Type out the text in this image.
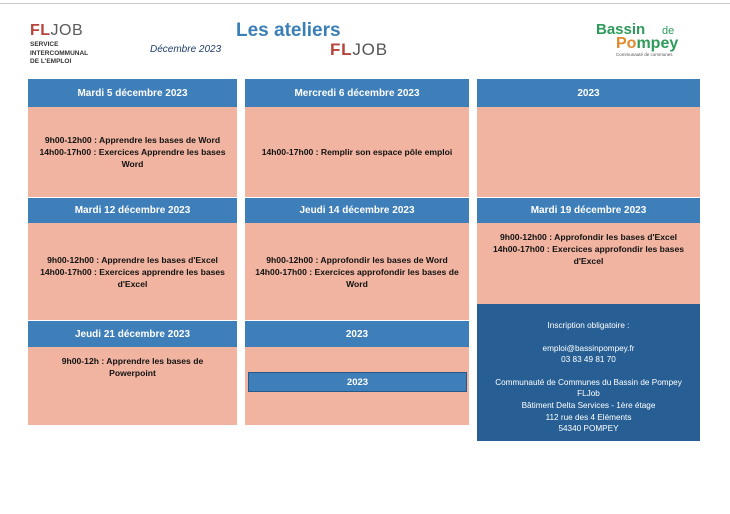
FLJOB
SERVICE
INTERCOMMUNAL
DE L'EMPLOI
Décembre 2023
Les ateliers
FLJOB
Bassin de
Pompey
Communauté de communes
Mardi 5 décembre 2023
9h00-12h00 : Apprendre les bases de Word
14h00-17h00 : Exercices Apprendre les bases
Word
Mercredi 6 décembre 2023
14h00-17h00 : Remplir son espace pôle emploi
2023
Mardi 12 décembre 2023
9h00-12h00 : Apprendre les bases d'Excel
14h00-17h00 : Exercices apprendre les bases
d'Excel
Jeudi 14 décembre 2023
9h00-12h00 : Approfondir les bases de Word
14h00-17h00 : Exercices approfondir les bases de
Word
Mardi 19 décembre 2023
9h00-12h00 : Approfondir les bases d'Excel
14h00-17h00 : Exercices approfondir les bases
d'Excel
Jeudi 21 décembre 2023
9h00-12h : Apprendre les bases de
Powerpoint
2023
2023
Inscription obligatoire :
emploi@bassinpompey.fr
03 83 49 81 70
Communauté de Communes du Bassin de Pompey
FLJob
Bâtiment Delta Services - 1ère étage
112 rue des 4 Eléments
54340 POMPEY
